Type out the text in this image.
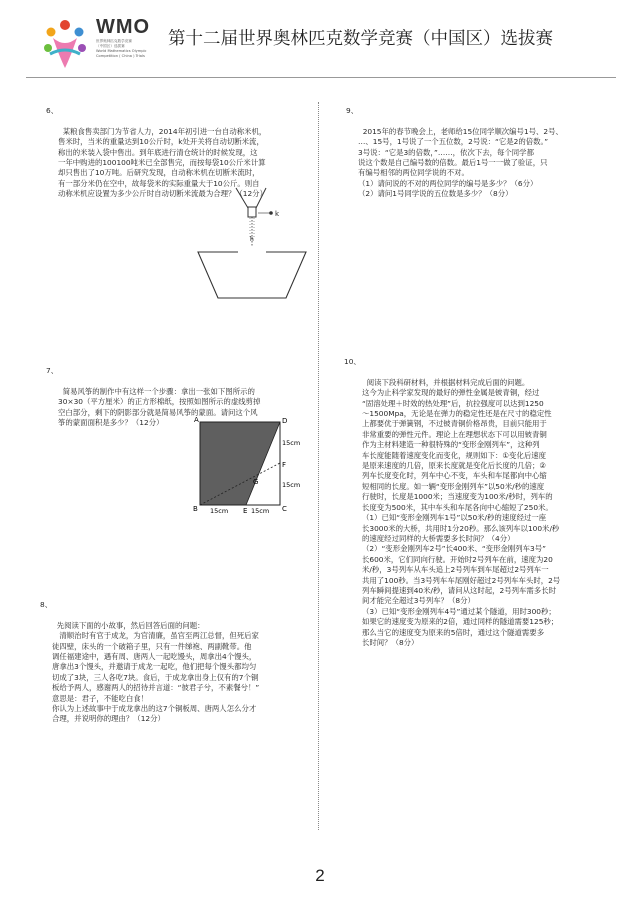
WMO
世界奥林匹克数学竞赛
（中国区）选拔赛
World Mathematics Olympic
Competition ( China ) Trials
第十二届世界奥林匹克数学竞赛（中国区）选拔赛

6、

某粮食售卖部门为节省人力，2014年初引进一台自动称米机，
售米时，当米的重量达到10公斤时，k处开关将自动切断米流，
称出的米装入袋中售出。到年底进行清仓统计的时候发现，这
一年中购进的100100吨米已全部售完，而按每袋10公斤米计算
却只售出了10万吨。后研究发现，自动称米机在切断米流时，
有一部分米仍在空中，故每袋米的实际重量大于10公斤。则自
动称米机应设置为多少公斤时自动切断米流最为合理？（12分）

k
h

7、

简易风筝的制作中有这样一个步骤：拿出一张如下图所示的
30×30（平方厘米）的正方形棉纸，按照如图所示的虚线剪掉
空白部分，剩下的阴影部分就是简易风筝的蒙面。请问这个风
筝的蒙面面积是多少？（12分）	A	D
B	C
E
F
G
15cm	15cm
15cm
15cm

8、

先阅读下面的小故事，然后回答后面的问题：
　清顺治时有官于成龙，为官清廉，虽官至两江总督，但死后家
徒四壁，床头的一个破箱子里，只有一件绨袍、两副靴带。他
调任福建途中，遇有周、唐两人一起吃馒头，周拿出4个馒头，
唐拿出3个馒头，并邀请于成龙一起吃，他们把每个馒头都均匀
切成了3块，三人各吃7块。食后，于成龙拿出身上仅有的7个铜
板给予两人，感谢两人的招待并言道：“彼君子兮，不素餐兮！”
意思是：君子，不能吃白食！
你认为上述故事中于成龙拿出的这7个铜板周、唐两人怎么分才
合理，并说明你的理由？（12分）

9、

2015年的春节晚会上，老师给15位同学顺次编号1号、2号、
…、15号，1号说了一个五位数，2号说：“它是2的倍数。”
3号说：“它是3的倍数，”……，依次下去，每个同学都
说这个数是自己编号数的倍数。最后1号一一做了验证，只
有编号相邻的两位同学说的不对。
（1）请问说的不对的两位同学的编号是多少？（6分）
（2）请问1号同学说的五位数是多少？（8分）

10、

阅读下段科研材料，并根据材料完成后面的问题。
这今为止科学家发现的最好的弹性金属是铍青铜，经过
“固溶处理＋时效的热处理”后，抗拉强度可以达到1250
～1500Mpa，无论是在弹力的稳定性还是在尺寸的稳定性
上都要优于弹簧钢，不过铍青铜价格昂贵，目前只能用于
非常重要的弹性元件。理论上在理想状态下可以用铍青铜
作为主材料建造一种很特殊的“变形金刚列车”，这种列
车长度能随着速度变化而变化，规则如下：①变化后速度
是原来速度的几倍，原来长度就是变化后长度的几倍；②
列车长度变化时，列车中心不变，车头和车尾都向中心缩
短相同的长度。如一辆“变形金刚列车”以50米/秒的速度
行驶时，长度是1000米；当速度变为100米/秒时，列车的
长度变为500米，其中车头和车尾各向中心缩短了250米。
（1）已知“变形金刚列车1号”以50米/秒的速度经过一座
长3000米的大桥，共用时1分20秒。那么该列车以100米/秒
的速度经过同样的大桥需要多长时间？（4分）
（2）“变形金刚列车2号”长400米、“变形金刚列车3号”
长600米，它们同向行驶。开始时2号列车在前，速度为20
米/秒，3号列车从车头追上2号列车到车尾超过2号列车一
共用了100秒。当3号列车车尾刚好超过2号列车车头时，2号
列车瞬间提速到40米/秒，请问从这时起，2号列车需多长时
间才能完全超过3号列车？（8分）
（3）已知“变形金刚列车4号”通过某个隧道，用时300秒；
如果它的速度变为原来的2倍，通过同样的隧道需要125秒；
那么当它的速度变为原来的5倍时，通过这个隧道需要多
长时间？（8分）

2
